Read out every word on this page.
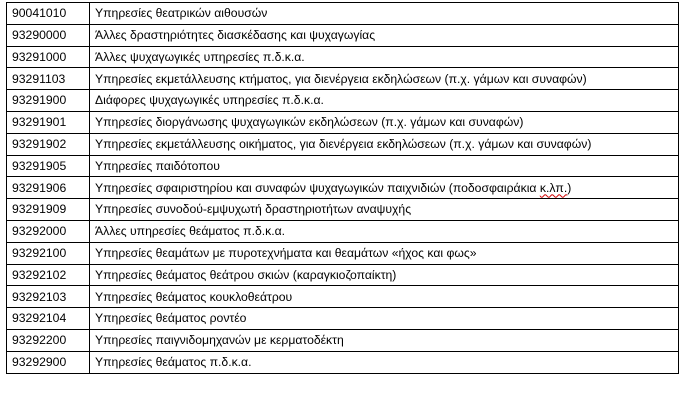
90041010	Υπηρεσίες θεατρικών αιθουσών
93290000	Άλλες δραστηριότητες διασκέδασης και ψυχαγωγίας
93291000	Άλλες ψυχαγωγικές υπηρεσίες π.δ.κ.α.
93291103	Υπηρεσίες εκμετάλλευσης κτήματος, για διενέργεια εκδηλώσεων (π.χ. γάμων και συναφών)
93291900	Διάφορες ψυχαγωγικές υπηρεσίες π.δ.κ.α.
93291901	Υπηρεσίες διοργάνωσης ψυχαγωγικών εκδηλώσεων (π.χ. γάμων και συναφών)
93291902	Υπηρεσίες εκμετάλλευσης οικήματος, για διενέργεια εκδηλώσεων (π.χ. γάμων και συναφών)
93291905	Υπηρεσίες παιδότοπου
93291906	Υπηρεσίες σφαιριστηρίου και συναφών ψυχαγωγικών παιχνιδιών (ποδοσφαιράκια κ.λπ.)
93291909	Υπηρεσίες συνοδού-εμψυχωτή δραστηριοτήτων αναψυχής
93292000	Άλλες υπηρεσίες θεάματος π.δ.κ.α.
93292100	Υπηρεσίες θεαμάτων με πυροτεχνήματα και θεαμάτων «ήχος και φως»
93292102	Υπηρεσίες θεάματος θεάτρου σκιών (καραγκιοζοπαίκτη)
93292103	Υπηρεσίες θεάματος κουκλοθεάτρου
93292104	Υπηρεσίες θεάματος ροντέο
93292200	Υπηρεσίες παιγνιδομηχανών με κερματοδέκτη
93292900	Υπηρεσίες θεάματος π.δ.κ.α.
